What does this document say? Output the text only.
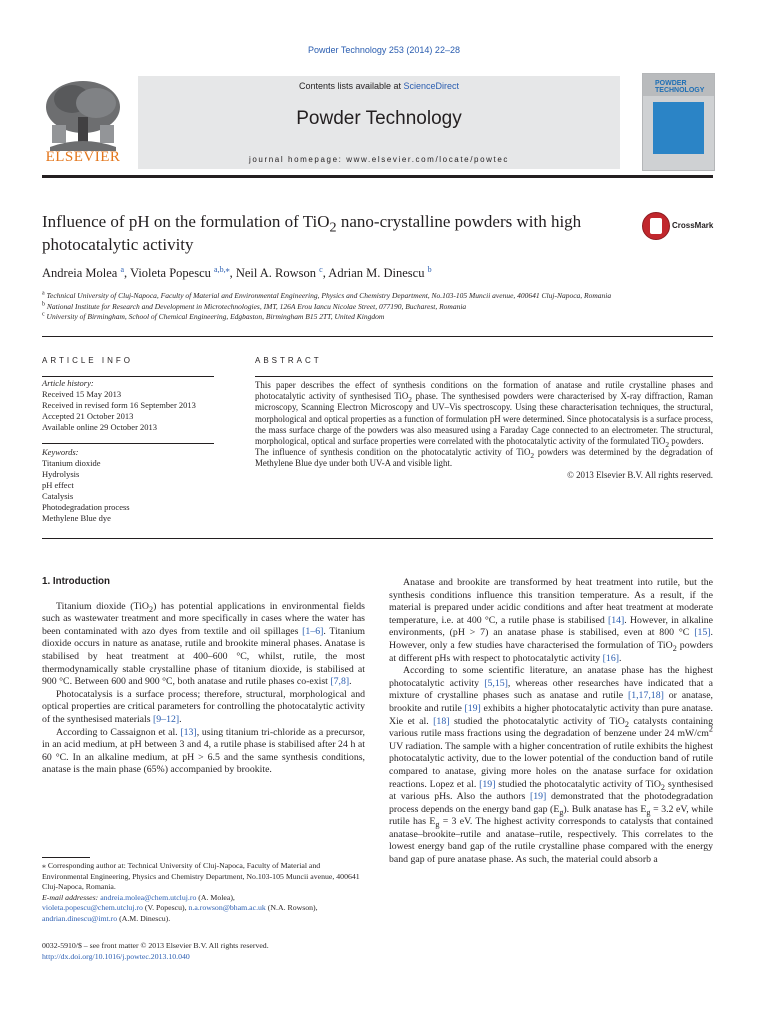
Powder Technology 253 (2014) 22–28
ELSEVIER
Contents lists available at ScienceDirect
Powder Technology
journal homepage: www.elsevier.com/locate/powtec
POWDER
TECHNOLOGY
Influence of pH on the formulation of TiO$_2$ nano-crystalline powders with high photocatalytic activity
CrossMark
Andreia Molea $^a$, Violeta Popescu $^{a,b,⁎}$, Neil A. Rowson $^c$, Adrian M. Dinescu $^b$
$^a$ Technical University of Cluj-Napoca, Faculty of Material and Environmental Engineering, Physics and Chemistry Department, No.103-105 Muncii avenue, 400641 Cluj-Napoca, Romania
$^b$ National Institute for Research and Development in Microtechnologies, IMT, 126A Erou Iancu Nicolae Street, 077190, Bucharest, Romania
$^c$ University of Birmingham, School of Chemical Engineering, Edgbaston, Birmingham B15 2TT, United Kingdom
ARTICLE INFO	ABSTRACT
Article history:
Received 15 May 2013
Received in revised form 16 September 2013
Accepted 21 October 2013
Available online 29 October 2013
Keywords:
Titanium dioxide
Hydrolysis
pH effect
Catalysis
Photodegradation process
Methylene Blue dye

This paper describes the effect of synthesis conditions on the formation of anatase and rutile crystalline phases and photocatalytic activity of synthesised TiO$_2$ phase. The synthesised powders were characterised by X-ray diffraction, Raman microscopy, Scanning Electron Microscopy and UV–Vis spectroscopy. Using these characterisation techniques, the structural, morphological and optical properties as a function of formulation pH were determined. Since photocatalysis is a surface process, the mass surface charge of the powders was also measured using a Faraday Cage connected to an electrometer. The structural, morphological, optical and surface properties were correlated with the photocatalytic activity of the formulated TiO$_2$ powders.

The influence of synthesis condition on the photocatalytic activity of TiO$_2$ powders was determined by the degradation of Methylene Blue dye under both UV-A and visible light.

© 2013 Elsevier B.V. All rights reserved.

1. Introduction

Titanium dioxide (TiO$_2$) has potential applications in environmental fields such as wastewater treatment and more specifically in cases where the water has been contaminated with azo dyes from textile and oil spillages [1–6]. Titanium dioxide occurs in nature as anatase, rutile and brookite mineral phases. Anatase is stabilised by heat treatment at 400–600 °C, whilst, rutile, the most thermodynamically stable crystalline phase of titanium dioxide, is stabilised at 900 °C. Between 600 and 900 °C, both anatase and rutile phases co-exist [7,8].

Photocatalysis is a surface process; therefore, structural, morphological and optical properties are critical parameters for controlling the photocatalytic activity of the synthesised materials [9–12].

According to Cassaignon et al. [13], using titanium tri-chloride as a precursor, in an acid medium, at pH between 3 and 4, a rutile phase is stabilised after 24 h at 60 °C. In an alkaline medium, at pH > 6.5 and the same synthesis conditions, anatase is the main phase (65%) accompanied by brookite.

Anatase and brookite are transformed by heat treatment into rutile, but the synthesis conditions influence this transition temperature. As a result, if the material is prepared under acidic conditions and after heat treatment at moderate temperature, i.e. at 400 °C, a rutile phase is stabilised [14]. However, in alkaline environments, (pH > 7) an anatase phase is stabilised, even at 800 °C [15]. However, only a few studies have characterised the formulation of TiO$_2$ powders at different pHs with respect to photocatalytic activity [16].

According to some scientific literature, an anatase phase has the highest photocatalytic activity [5,15], whereas other researches have indicated that a mixture of crystalline phases such as anatase and rutile [1,17,18] or anatase, brookite and rutile [19] exhibits a higher photocatalytic activity than pure anatase. Xie et al. [18] studied the photocatalytic activity of TiO$_2$ catalysts containing various rutile mass fractions using the degradation of benzene under 24 $mW/cm^2$ UV radiation. The sample with a higher concentration of rutile exhibits the highest photocatalytic activity, due to the lower potential of the conduction band of rutile compared to anatase, giving more holes on the anatase surface for oxidation reactions. Lopez et al. [19] studied the photocatalytic activity of TiO$_2$ synthesised at various pHs. Also the authors [19] demonstrated that the photodegradation process depends on the energy band gap $(E_g)$. Bulk anatase has $E_g = 3.2$ eV, while rutile has $E_g = 3$ eV. The highest activity corresponds to catalysts that contained anatase–brookite–rutile and anatase–rutile, respectively. This correlates to the lowest energy band gap of the rutile crystalline phase compared with the energy band gap of pure anatase phase. As such, the material could absorb a

⁎ Corresponding author at: Technical University of Cluj-Napoca, Faculty of Material and Environmental Engineering, Physics and Chemistry Department, No.103-105 Muncii avenue, 400641 Cluj-Napoca, Romania.

E-mail addresses: andreia.molea@chem.utcluj.ro (A. Molea),
violeta.popescu@chem.utcluj.ro (V. Popescu), n.a.rowson@bham.ac.uk (N.A. Rowson),
andrian.dinescu@imt.ro (A.M. Dinescu).

0032-5910/$ – see front matter © 2013 Elsevier B.V. All rights reserved.

http://dx.doi.org/10.1016/j.powtec.2013.10.040
